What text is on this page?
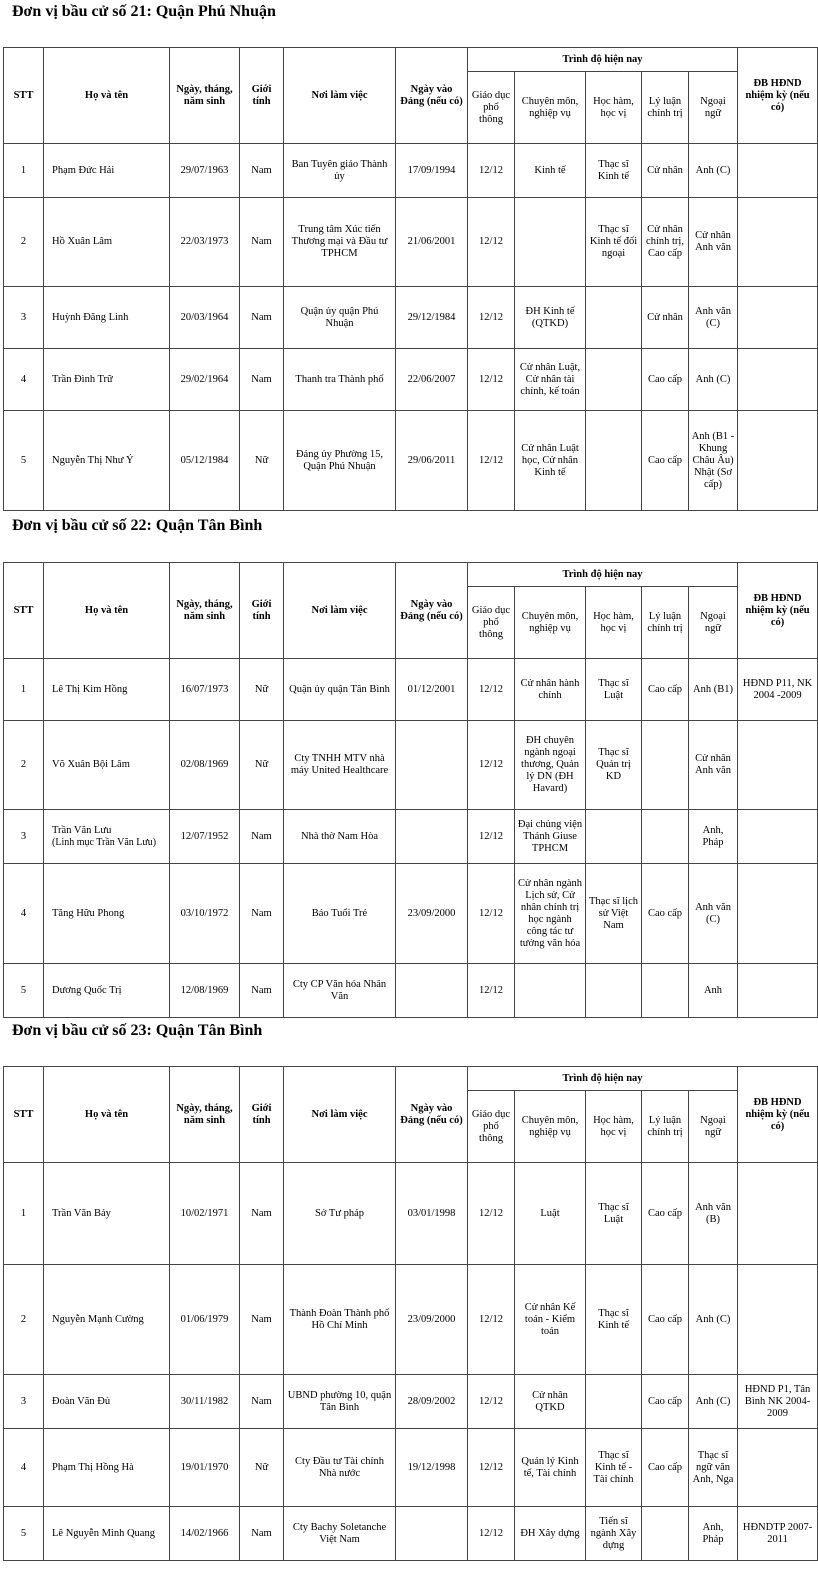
Đơn vị bầu cử số 21: Quận Phú Nhuận
STT	Họ và tên	Ngày, tháng, năm sinh	Giới tính	Nơi làm việc	Ngày vào Đảng (nếu có)	Trình độ hiện nay					ĐB HĐND nhiệm kỳ (nếu có)
						Giáo dục phổ thông	Chuyên môn, nghiệp vụ	Học hàm, học vị	Lý luận chính trị	Ngoại ngữ	
1	Phạm Đức Hải	29/07/1963	Nam	Ban Tuyên giáo Thành ủy	17/09/1994	12/12	Kinh tế	Thạc sĩ Kinh tế	Cử nhân	Anh (C)	
2	Hồ Xuân Lâm	22/03/1973	Nam	Trung tâm Xúc tiến Thương mại và Đầu tư TPHCM	21/06/2001	12/12		Thạc sĩ Kinh tế đối ngoại	Cử nhân chính trị, Cao cấp	Cử nhân Anh văn	
3	Huỳnh Đăng Linh	20/03/1964	Nam	Quận ủy quận Phú Nhuận	29/12/1984	12/12	ĐH Kinh tế (QTKD)		Cử nhân	Anh văn (C)	
4	Trần Đình Trữ	29/02/1964	Nam	Thanh tra Thành phố	22/06/2007	12/12	Cử nhân Luật, Cử nhân tài chính, kế toán		Cao cấp	Anh (C)	
5	Nguyễn Thị Như Ý	05/12/1984	Nữ	Đảng ủy Phường 15, Quận Phú Nhuận	29/06/2011	12/12	Cử nhân Luật học, Cử nhân Kinh tế		Cao cấp	Anh (B1 - Khung Châu Âu) Nhật (Sơ cấp)	
Đơn vị bầu cử số 22: Quận Tân Bình
STT	Họ và tên	Ngày, tháng, năm sinh	Giới tính	Nơi làm việc	Ngày vào Đảng (nếu có)	Trình độ hiện nay					ĐB HĐND nhiệm kỳ (nếu có)
						Giáo dục phổ thông	Chuyên môn, nghiệp vụ	Học hàm, học vị	Lý luận chính trị	Ngoại ngữ	
1	Lê Thị Kim Hồng	16/07/1973	Nữ	Quận ủy quận Tân Bình	01/12/2001	12/12	Cử nhân hành chính	Thạc sĩ Luật	Cao cấp	Anh (B1)	HĐND P11, NK 2004 -2009
2	Võ Xuân Bội Lâm	02/08/1969	Nữ	Cty TNHH MTV nhà máy United Healthcare		12/12	ĐH chuyên ngành ngoại thương, Quản lý DN (ĐH Havard)	Thạc sĩ Quản trị KD		Cử nhân Anh văn	
3	Trần Văn Lưu
(Linh mục Trần Văn Lưu)	12/07/1952	Nam	Nhà thờ Nam Hòa		12/12	Đại chủng viện Thánh Giuse TPHCM			Anh, Pháp	
4	Tăng Hữu Phong	03/10/1972	Nam	Báo Tuổi Trẻ	23/09/2000	12/12	Cử nhân ngành Lịch sử, Cử nhân chính trị học ngành công tác tư tưởng văn hóa	Thạc sĩ lịch sử Việt Nam	Cao cấp	Anh văn (C)	
5	Dương Quốc Trị	12/08/1969	Nam	Cty CP Văn hóa Nhân Văn		12/12				Anh	
Đơn vị bầu cử số 23: Quận Tân Bình
STT	Họ và tên	Ngày, tháng, năm sinh	Giới tính	Nơi làm việc	Ngày vào Đảng (nếu có)	Trình độ hiện nay					ĐB HĐND nhiệm kỳ (nếu có)
						Giáo dục phổ thông	Chuyên môn, nghiệp vụ	Học hàm, học vị	Lý luận chính trị	Ngoại ngữ	
1	Trần Văn Bảy	10/02/1971	Nam	Sở Tư pháp	03/01/1998	12/12	Luật	Thạc sĩ Luật	Cao cấp	Anh văn (B)	
2	Nguyễn Mạnh Cường	01/06/1979	Nam	Thành Đoàn Thành phố Hồ Chí Minh	23/09/2000	12/12	Cử nhân Kế toán - Kiểm toán	Thạc sĩ Kinh tế	Cao cấp	Anh (C)	
3	Đoàn Văn Đủ	30/11/1982	Nam	UBND phường 10, quận Tân Bình	28/09/2002	12/12	Cử nhân QTKD		Cao cấp	Anh (C)	HĐND P1, Tân Bình NK 2004-2009
4	Phạm Thị Hồng Hà	19/01/1970	Nữ	Cty Đầu tư Tài chính Nhà nước	19/12/1998	12/12	Quản lý Kinh tế, Tài chính	Thạc sĩ Kinh tế - Tài chính	Cao cấp	Thạc sĩ ngữ văn Anh, Nga	
5	Lê Nguyễn Minh Quang	14/02/1966	Nam	Cty Bachy Soletanche Việt Nam		12/12	ĐH Xây dựng	Tiến sĩ ngành Xây dựng		Anh, Pháp	HĐNDTP 2007-2011
